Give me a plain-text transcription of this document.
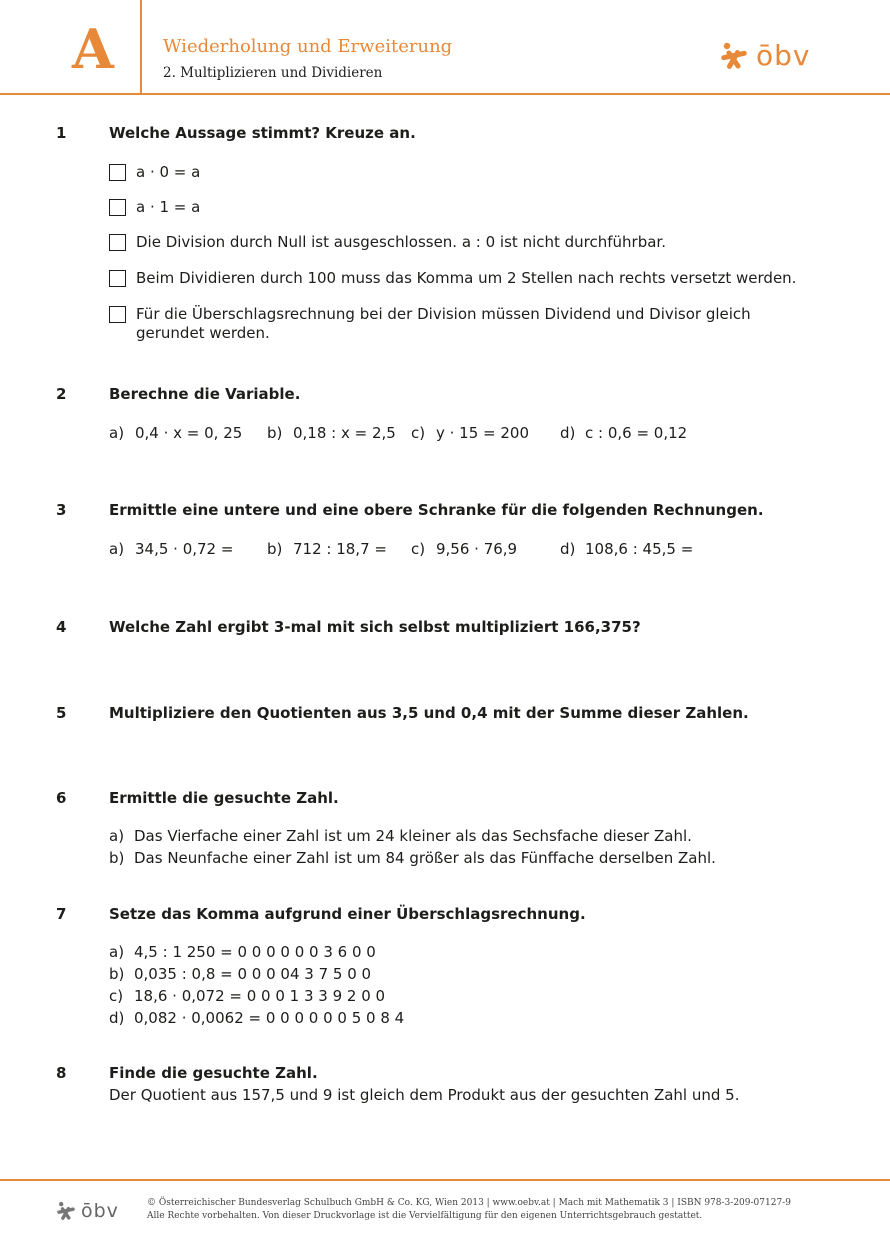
A	Wiederholung und Erweiterung
2. Multiplizieren und Dividieren
ōbv
1	Welche Aussage stimmt? Kreuze an.
a · 0 = a
a · 1 = a
Die Division durch Null ist ausgeschlossen. a : 0 ist nicht durchführbar.
Beim Dividieren durch 100 muss das Komma um 2 Stellen nach rechts versetzt werden.
Für die Überschlagsrechnung bei der Division müssen Dividend und Divisor gleich gerundet werden.
2	Berechne die Variable.
a) 0,4 · x = 0, 25 b) 0,18 : x = 2,5 c) y · 15 = 200 d) c : 0,6 = 0,12
3	Ermittle eine untere und eine obere Schranke für die folgenden Rechnungen.
a) 34,5 · 0,72 = b) 712 : 18,7 = c) 9,56 · 76,9	d) 108,6 : 45,5 =
4	Welche Zahl ergibt 3-mal mit sich selbst multipliziert 166,375?
5	Multipliziere den Quotienten aus 3,5 und 0,4 mit der Summe dieser Zahlen.
6	Ermittle die gesuchte Zahl.
a) Das Vierfache einer Zahl ist um 24 kleiner als das Sechsfache dieser Zahl.
b) Das Neunfache einer Zahl ist um 84 größer als das Fünffache derselben Zahl.
7	Setze das Komma aufgrund einer Überschlagsrechnung.
a) 4,5 : 1 250 = 0 0 0 0 0 0 3 6 0 0
b) 0,035 : 0,8 = 0 0 0 04 3 7 5 0 0
c) 18,6 · 0,072 = 0 0 0 1 3 3 9 2 0 0
d) 0,082 · 0,0062 = 0 0 0 0 0 0 5 0 8 4
8	Finde die gesuchte Zahl.
Der Quotient aus 157,5 und 9 ist gleich dem Produkt aus der gesuchten Zahl und 5.
ōbv	© Österreichischer Bundesverlag Schulbuch GmbH & Co. KG, Wien 2013 | www.oebv.at | Mach mit Mathematik 3 | ISBN 978-3-209-07127-9
Alle Rechte vorbehalten. Von dieser Druckvorlage ist die Vervielfältigung für den eigenen Unterrichtsgebrauch gestattet.
